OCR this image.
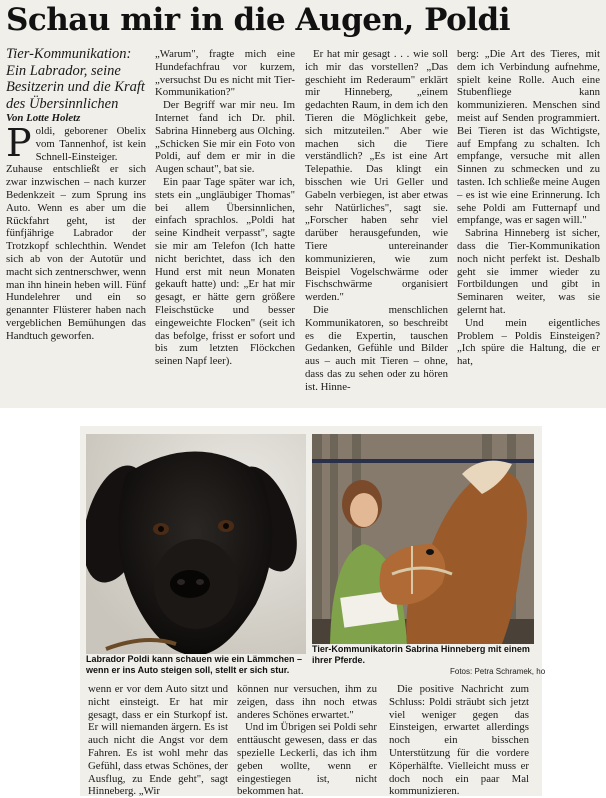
Schau mir in die Augen, Poldi

Tier-Kommunikation: Ein Labrador, seine Besitzerin und die Kraft des Übersinnlichen

Von Lotte Holetz

Poldi, geborener Obelix vom Tannenhof, ist kein Schnell-Einsteiger. Zuhause entschließt er sich zwar inzwischen – nach kurzer Bedenkzeit – zum Sprung ins Auto. Wenn es aber um die Rückfahrt geht, ist der fünfjährige Labrador der Trotzkopf schlechthin. Wendet sich ab von der Autotür und macht sich zentnerschwer, wenn man ihn hinein heben will. Fünf Hundelehrer und ein so genannter Flüsterer haben nach vergeblichen Bemühungen das Handtuch geworfen.

„Warum", fragte mich eine Hundefachfrau vor kurzem, „versuchst Du es nicht mit Tier-Kommunikation?"

Der Begriff war mir neu. Im Internet fand ich Dr. phil. Sabrina Hinneberg aus Olching. „Schicken Sie mir ein Foto von Poldi, auf dem er mir in die Augen schaut", bat sie.

Ein paar Tage später war ich, stets ein „ungläubiger Thomas" bei allem Übersinnlichen, einfach sprachlos. „Poldi hat seine Kindheit verpasst", sagte sie mir am Telefon (Ich hatte nicht berichtet, dass ich den Hund erst mit neun Monaten gekauft hatte) und: „Er hat mir gesagt, er hätte gern größere Fleischstücke und besser eingeweichte Flocken" (seit ich das befolge, frisst er sofort und bis zum letzten Flöckchen seinen Napf leer).

Er hat mir gesagt . . . wie soll ich mir das vorstellen? „Das geschieht im Rederaum" erklärt mir Hinneberg, „einem gedachten Raum, in dem ich den Tieren die Möglichkeit gebe, sich mitzuteilen." Aber wie machen sich die Tiere verständlich? „Es ist eine Art Telepathie. Das klingt ein bisschen wie Uri Geller und Gabeln verbiegen, ist aber etwas sehr Natürliches", sagt sie. „Forscher haben sehr viel darüber herausgefunden, wie Tiere untereinander kommunizieren, wie zum Beispiel Vogelschwärme oder Fischschwärme organisiert werden."

Die menschlichen Kommunikatoren, so beschreibt es die Expertin, tauschen Gedanken, Gefühle und Bilder aus – auch mit Tieren – ohne, dass das zu sehen oder zu hören ist. Hinne-

berg: „Die Art des Tieres, mit dem ich Verbindung aufnehme, spielt keine Rolle. Auch eine Stubenfliege kann kommunizieren. Menschen sind meist auf Senden programmiert. Bei Tieren ist das Wichtigste, auf Empfang zu schalten. Ich empfange, versuche mit allen Sinnen zu schmecken und zu tasten. Ich schließe meine Augen – es ist wie eine Erinnerung. Ich sehe Poldi am Futternapf und empfange, was er sagen will."

Sabrina Hinneberg ist sicher, dass die Tier-Kommunikation noch nicht perfekt ist. Deshalb geht sie immer wieder zu Fortbildungen und gibt in Seminaren weiter, was sie gelernt hat.

Und mein eigentliches Problem – Poldis Einsteigen? „Ich spüre die Haltung, die er hat,

Labrador Poldi kann schauen wie ein Lämmchen – wenn er ins Auto steigen soll, stellt er sich stur.
Tier-Kommunikatorin Sabrina Hinneberg mit einem ihrer Pferde.
Fotos: Petra Schramek, ho

wenn er vor dem Auto sitzt und nicht einsteigt. Er hat mir gesagt, dass er ein Sturkopf ist. Er will niemanden ärgern. Es ist auch nicht die Angst vor dem Fahren. Es ist wohl mehr das Gefühl, dass etwas Schönes, der Ausflug, zu Ende geht", sagt Hinneberg. „Wir

können nur versuchen, ihm zu zeigen, dass ihn noch etwas anderes Schönes erwartet."

Und im Übrigen sei Poldi sehr enttäuscht gewesen, dass er das spezielle Leckerli, das ich ihm geben wollte, wenn er eingestiegen ist, nicht bekommen hat.

Die positive Nachricht zum Schluss: Poldi sträubt sich jetzt viel weniger gegen das Einsteigen, erwartet allerdings noch ein bisschen Unterstützung für die vordere Köperhälfte. Vielleicht muss er doch noch ein paar Mal kommunizieren.
